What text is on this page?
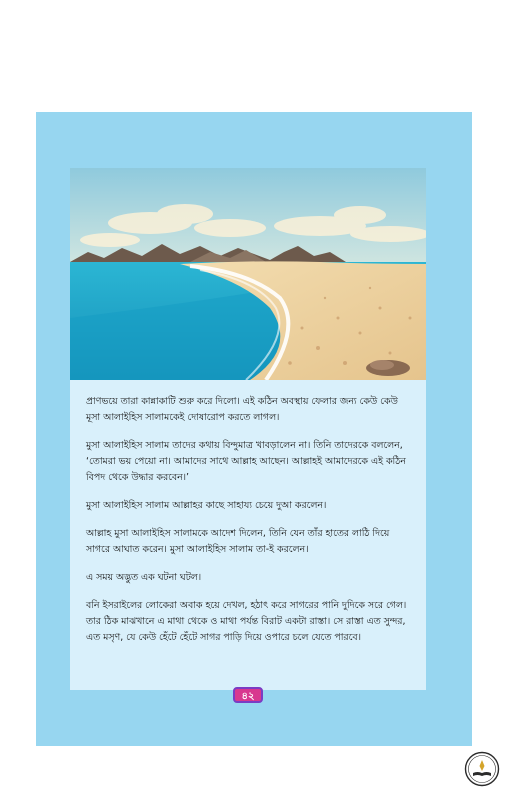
প্রাণভয়ে তারা কান্নাকাটি শুরু করে দিলো। এই কঠিন অবস্থায় ফেলার জন্য কেউ কেউ মূসা আলাইহিস সালামকেই দোষারোপ করতে লাগল।

মুসা আলাইহিস সালাম তাদের কথায় বিন্দুমাত্র খাবড়ালেন না। তিনি তাদেরকে বললেন, ‘তোমরা ভয় পেয়ো না। আমাদের সাথে আল্লাহ আছেন। আল্লাহই আমাদেরকে এই কঠিন বিপদ থেকে উদ্ধার করবেন।’

মুসা আলাইহিস সালাম আল্লাহর কাছে সাহায্য চেয়ে দুআ করলেন।

আল্লাহ মুসা আলাইহিস সালামকে আদেশ দিলেন, তিনি যেন তাঁর হাতের লাঠি দিয়ে সাগরে আঘাত করেন। মুসা আলাইহিস সালাম তা-ই করলেন।

এ সময় অদ্ভুত এক ঘটনা ঘটল।

বনি ইসরাইলের লোকেরা অবাক হয়ে দেখল, হঠাৎ করে সাগরের পানি দুদিকে সরে গেল। তার ঠিক মাঝখানে এ মাথা থেকে ও মাথা পর্যন্ত বিরাট একটা রাস্তা। সে রাস্তা এত সুন্দর, এত মসৃণ, যে কেউ হেঁটে হেঁটে সাগর পাড়ি দিয়ে ওপারে চলে যেতে পারবে।

৪২
